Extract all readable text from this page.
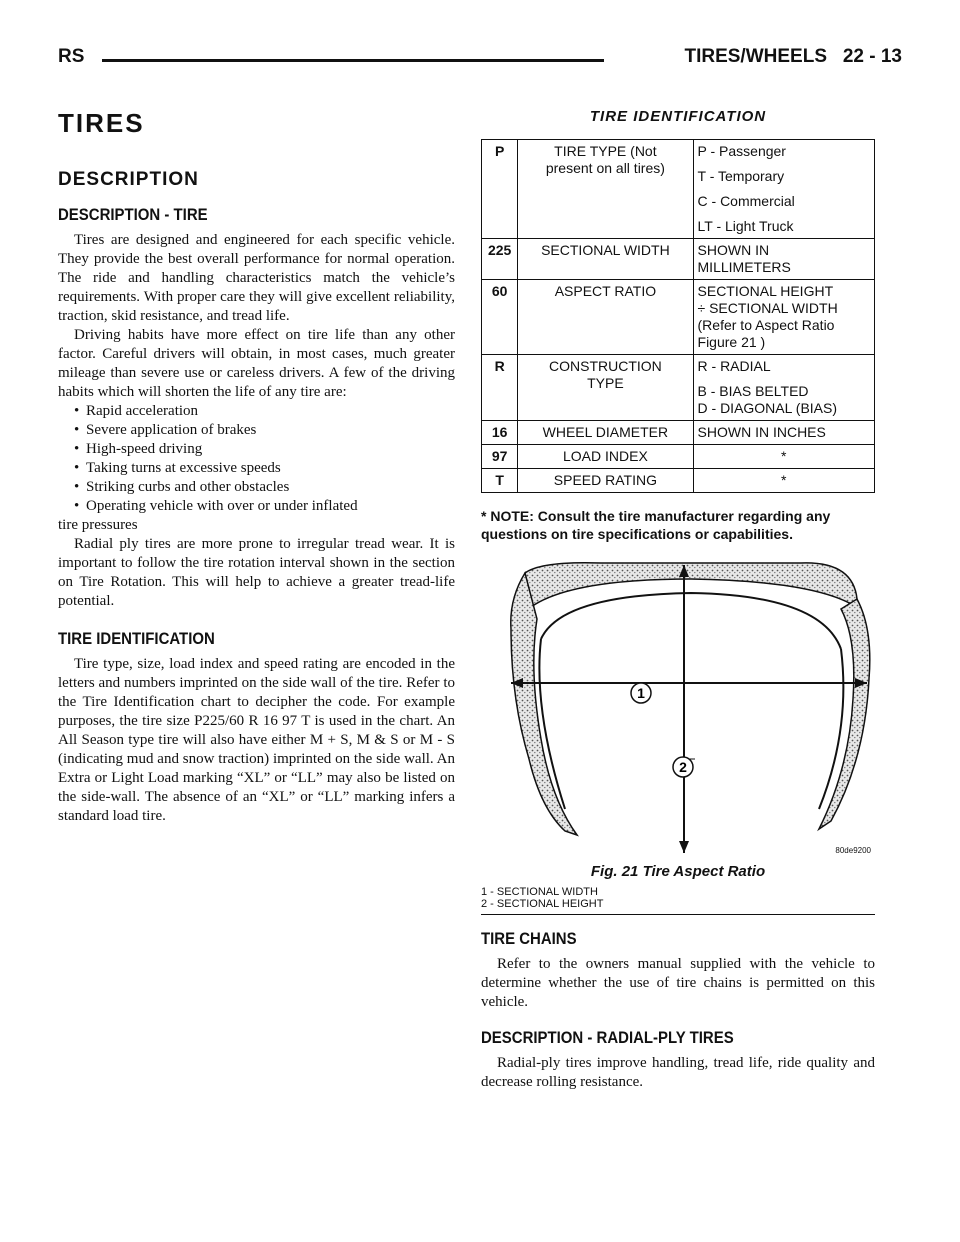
RS	TIRES/WHEELS 22 - 13
TIRES
DESCRIPTION
DESCRIPTION - TIRE

Tires are designed and engineered for each specific vehicle. They provide the best overall performance for normal operation. The ride and handling characteristics match the vehicle’s requirements. With proper care they will give excellent reliability, traction, skid resistance, and tread life.

Driving habits have more effect on tire life than any other factor. Careful drivers will obtain, in most cases, much greater mileage than severe use or careless drivers. A few of the driving habits which will shorten the life of any tire are:

• Rapid acceleration
• Severe application of brakes
• High-speed driving
• Taking turns at excessive speeds
• Striking curbs and other obstacles
• Operating vehicle with over or under inflated
tire pressures

Radial ply tires are more prone to irregular tread wear. It is important to follow the tire rotation interval shown in the section on Tire Rotation. This will help to achieve a greater tread-life potential.

TIRE IDENTIFICATION

Tire type, size, load index and speed rating are encoded in the letters and numbers imprinted on the side wall of the tire. Refer to the Tire Identification chart to decipher the code. For example purposes, the tire size P225/60 R 16 97 T is used in the chart. An All Season type tire will also have either M + S, M & S or M - S (indicating mud and snow traction) imprinted on the side wall. An Extra or Light Load marking “XL” or “LL” may also be listed on the side-wall. The absence of an “XL” or “LL” marking infers a standard load tire.

TIRE IDENTIFICATION
P	TIRE TYPE (Not
present on all tires)	P - Passenger

T - Temporary
C - Commercial
LT - Light Truck

225	SECTIONAL WIDTH	SHOWN IN
MILLIMETERS

60	ASPECT RATIO	SECTIONAL HEIGHT
÷ SECTIONAL WIDTH
(Refer to Aspect Ratio
Figure 21 )

R	CONSTRUCTION
TYPE	R - RADIAL

B - BIAS BELTED
D - DIAGONAL (BIAS)

16	WHEEL DIAMETER	SHOWN IN INCHES

97	LOAD INDEX	*

T	SPEED RATING	*
* NOTE: Consult the tire manufacturer regarding any questions on tire specifications or capabilities.
1
2
80de9200
Fig. 21 Tire Aspect Ratio
1 - SECTIONAL WIDTH
2 - SECTIONAL HEIGHT
TIRE CHAINS

Refer to the owners manual supplied with the vehicle to determine whether the use of tire chains is permitted on this vehicle.

DESCRIPTION - RADIAL-PLY TIRES

Radial-ply tires improve handling, tread life, ride quality and decrease rolling resistance.
